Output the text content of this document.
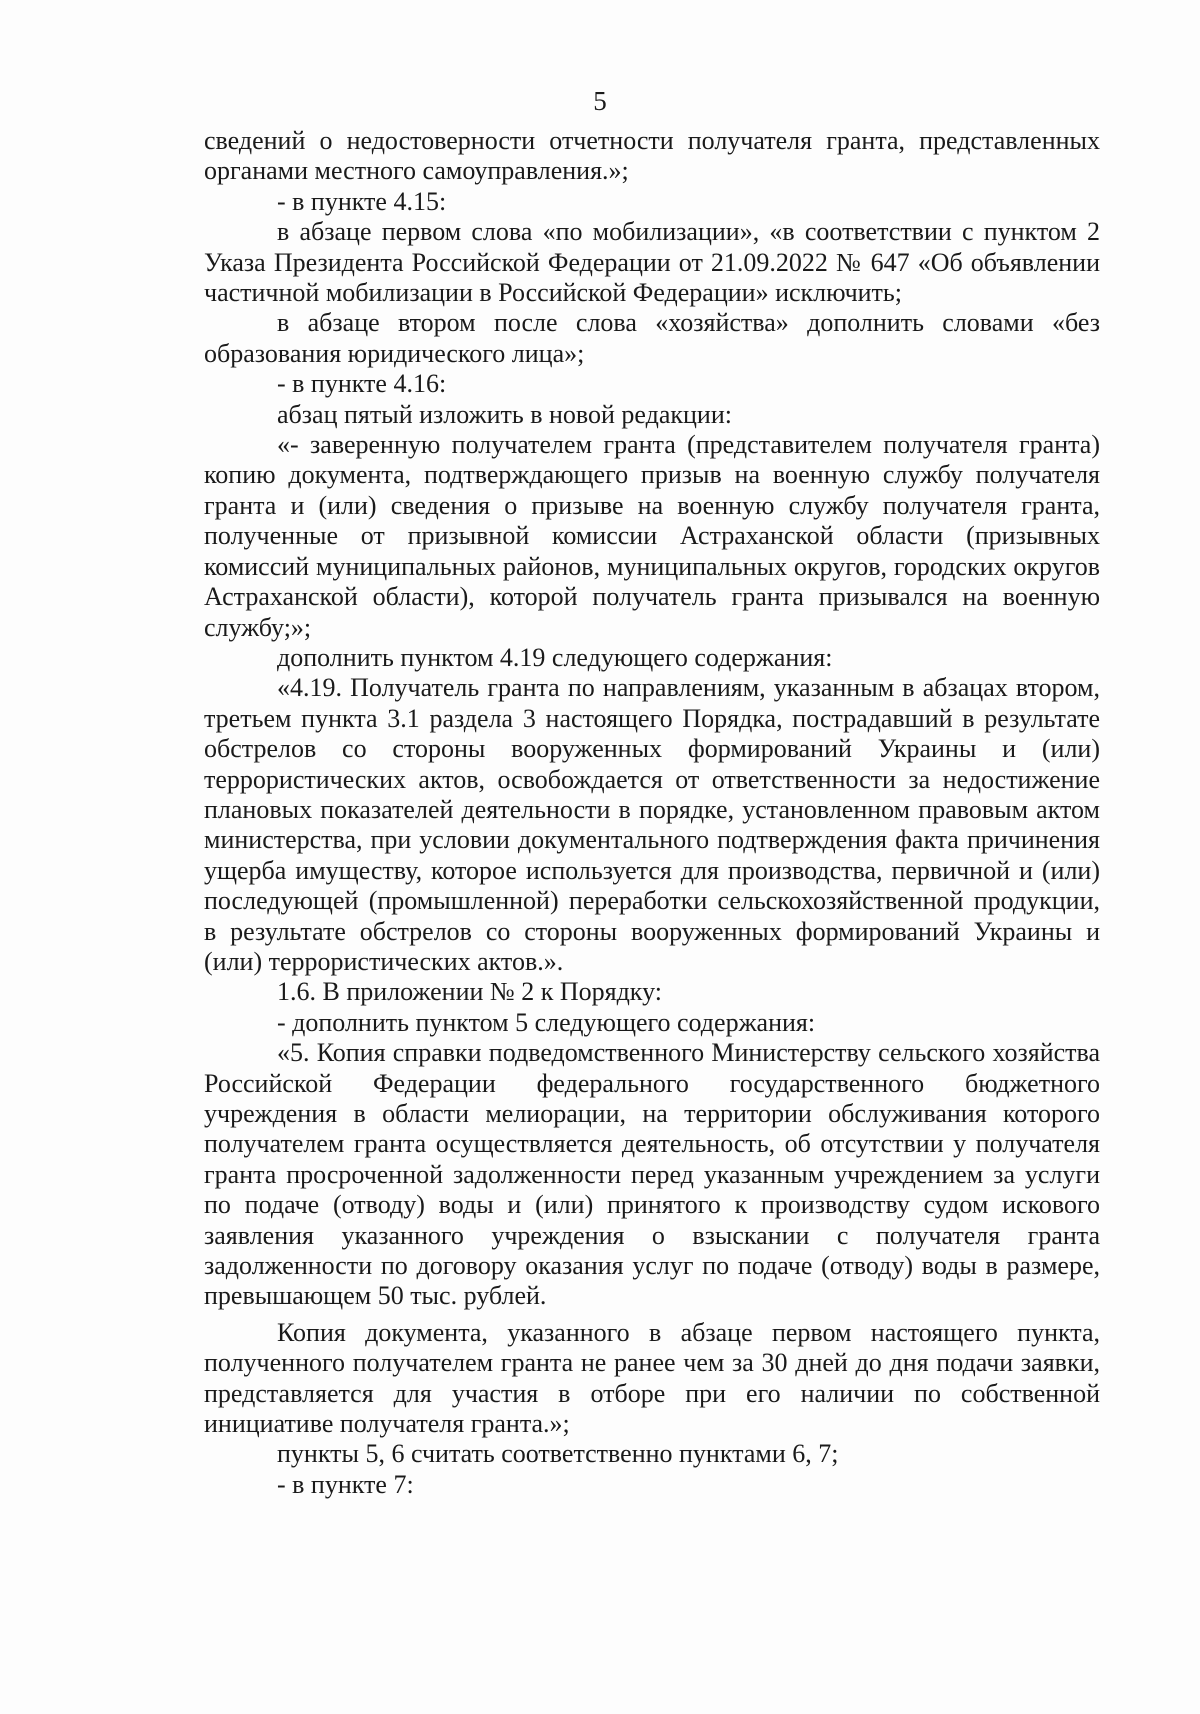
5

сведений о недостоверности отчетности получателя гранта, представленных органами местного самоуправления.»;

- в пункте 4.15:

в абзаце первом слова «по мобилизации», «в соответствии с пунктом 2 Указа Президента Российской Федерации от 21.09.2022 № 647 «Об объявлении частичной мобилизации в Российской Федерации» исключить;

в абзаце втором после слова «хозяйства» дополнить словами «без образования юридического лица»;

- в пункте 4.16:

абзац пятый изложить в новой редакции:

«- заверенную получателем гранта (представителем получателя гранта) копию документа, подтверждающего призыв на военную службу получателя гранта и (или) сведения о призыве на военную службу получателя гранта, полученные от призывной комиссии Астраханской области (призывных комиссий муниципальных районов, муниципальных округов, городских округов Астраханской области), которой получатель гранта призывался на военную службу;»;

дополнить пунктом 4.19 следующего содержания:

«4.19. Получатель гранта по направлениям, указанным в абзацах втором, третьем пункта 3.1 раздела 3 настоящего Порядка, пострадавший в результате обстрелов со стороны вооруженных формирований Украины и (или) террористических актов, освобождается от ответственности за недостижение плановых показателей деятельности в порядке, установленном правовым актом министерства, при условии документального подтверждения факта причинения ущерба имуществу, которое используется для производства, первичной и (или) последующей (промышленной) переработки сельскохозяйственной продукции, в результате обстрелов со стороны вооруженных формирований Украины и (или) террористических актов.».

1.6. В приложении № 2 к Порядку:

- дополнить пунктом 5 следующего содержания:

«5. Копия справки подведомственного Министерству сельского хозяйства Российской Федерации федерального государственного бюджетного учреждения в области мелиорации, на территории обслуживания которого получателем гранта осуществляется деятельность, об отсутствии у получателя гранта просроченной задолженности перед указанным учреждением за услуги по подаче (отводу) воды и (или) принятого к производству судом искового заявления указанного учреждения о взыскании с получателя гранта задолженности по договору оказания услуг по подаче (отводу) воды в размере, превышающем 50 тыс. рублей.

Копия документа, указанного в абзаце первом настоящего пункта, полученного получателем гранта не ранее чем за 30 дней до дня подачи заявки, представляется для участия в отборе при его наличии по собственной инициативе получателя гранта.»;

пункты 5, 6 считать соответственно пунктами 6, 7;

- в пункте 7:
